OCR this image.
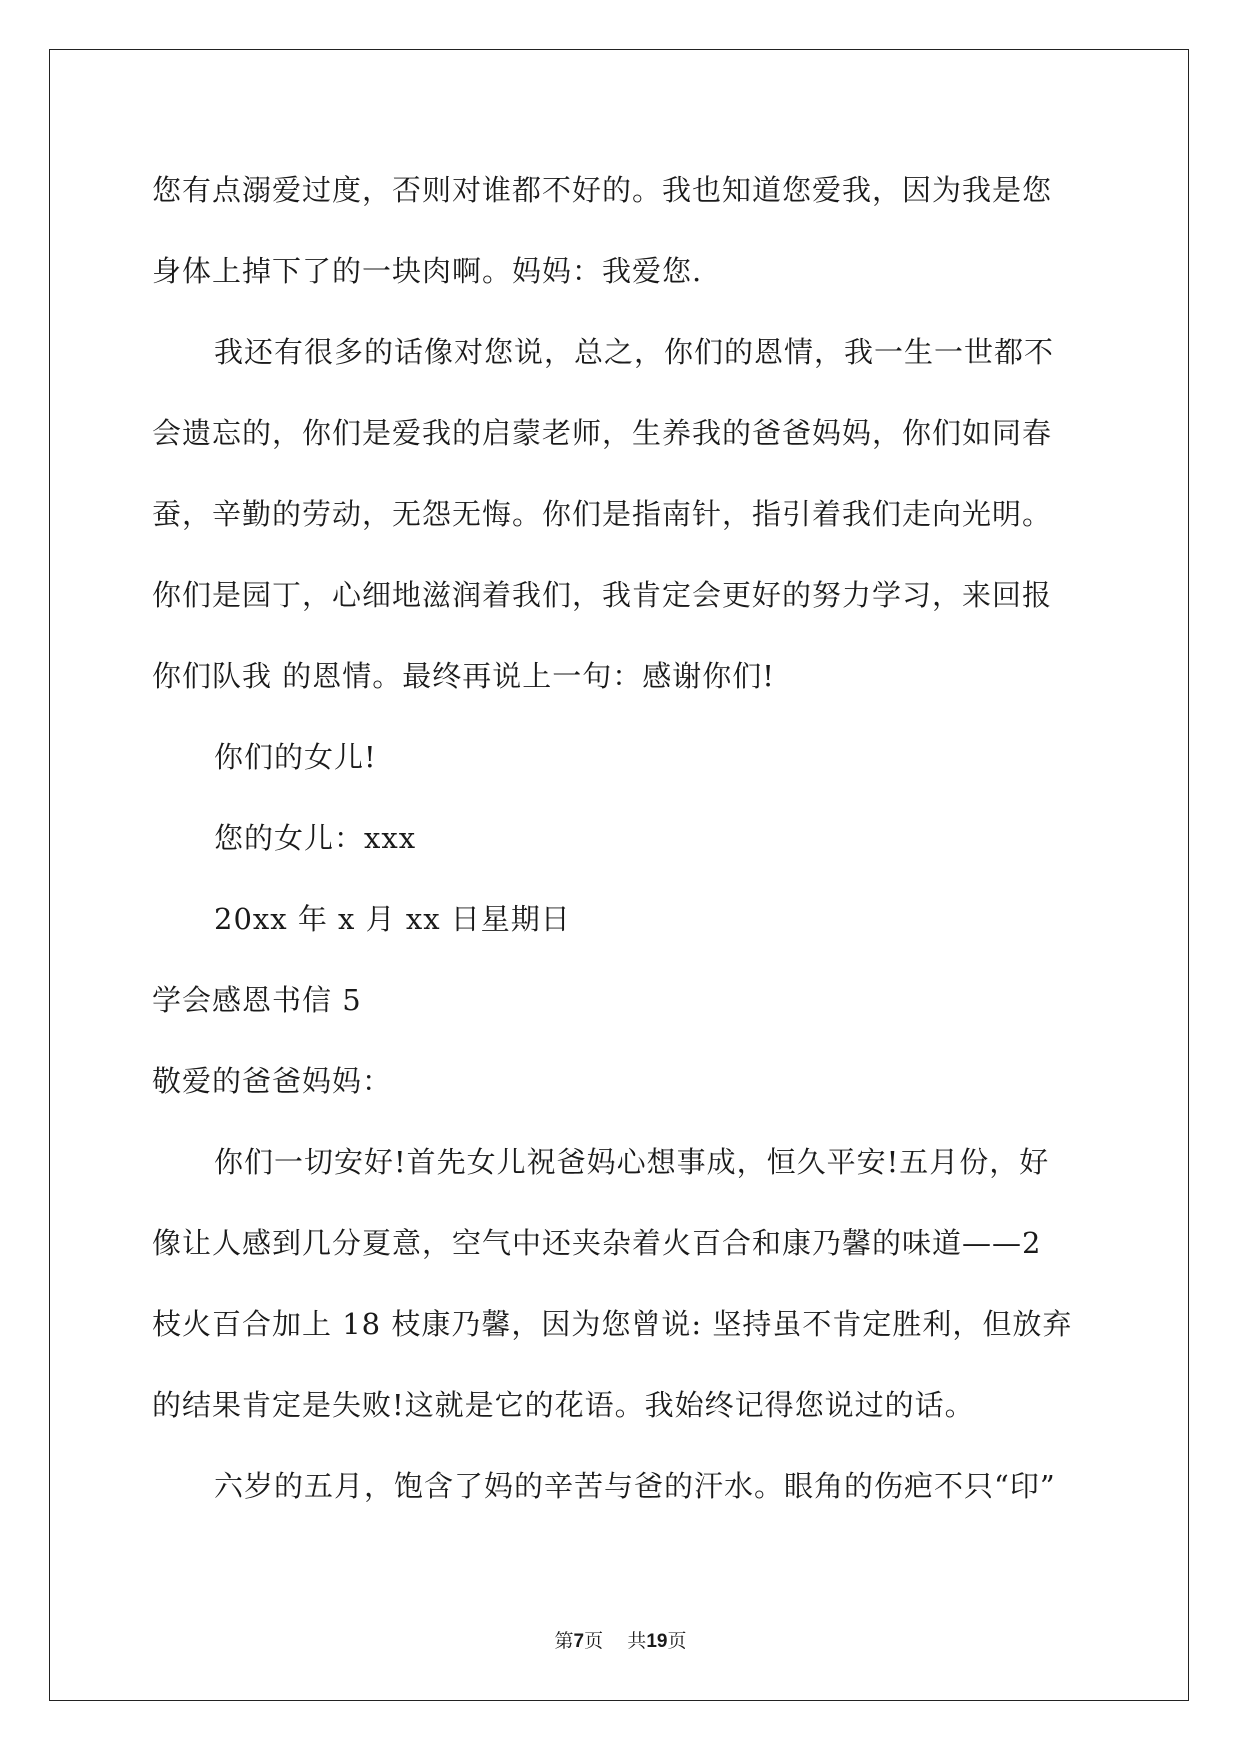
您有点溺爱过度，否则对谁都不好的。我也知道您爱我，因为我是您

身体上掉下了的一块肉啊。妈妈：我爱您.

我还有很多的话像对您说，总之，你们的恩情，我一生一世都不

会遗忘的，你们是爱我的启蒙老师，生养我的爸爸妈妈，你们如同春

蚕，辛勤的劳动，无怨无悔。你们是指南针，指引着我们走向光明。

你们是园丁，心细地滋润着我们，我肯定会更好的努力学习，来回报

你们队我 的恩情。最终再说上一句：感谢你们!

你们的女儿!

您的女儿：xxx

20xx 年 x 月 xx 日星期日

学会感恩书信 5

敬爱的爸爸妈妈：

你们一切安好!首先女儿祝爸妈心想事成，恒久平安!五月份，好

像让人感到几分夏意，空气中还夹杂着火百合和康乃馨的味道——2

枝火百合加上 18 枝康乃馨，因为您曾说: 坚持虽不肯定胜利，但放弃

的结果肯定是失败!这就是它的花语。我始终记得您说过的话。

六岁的五月，饱含了妈的辛苦与爸的汗水。眼角的伤疤不只“印”

第7页 共19页
